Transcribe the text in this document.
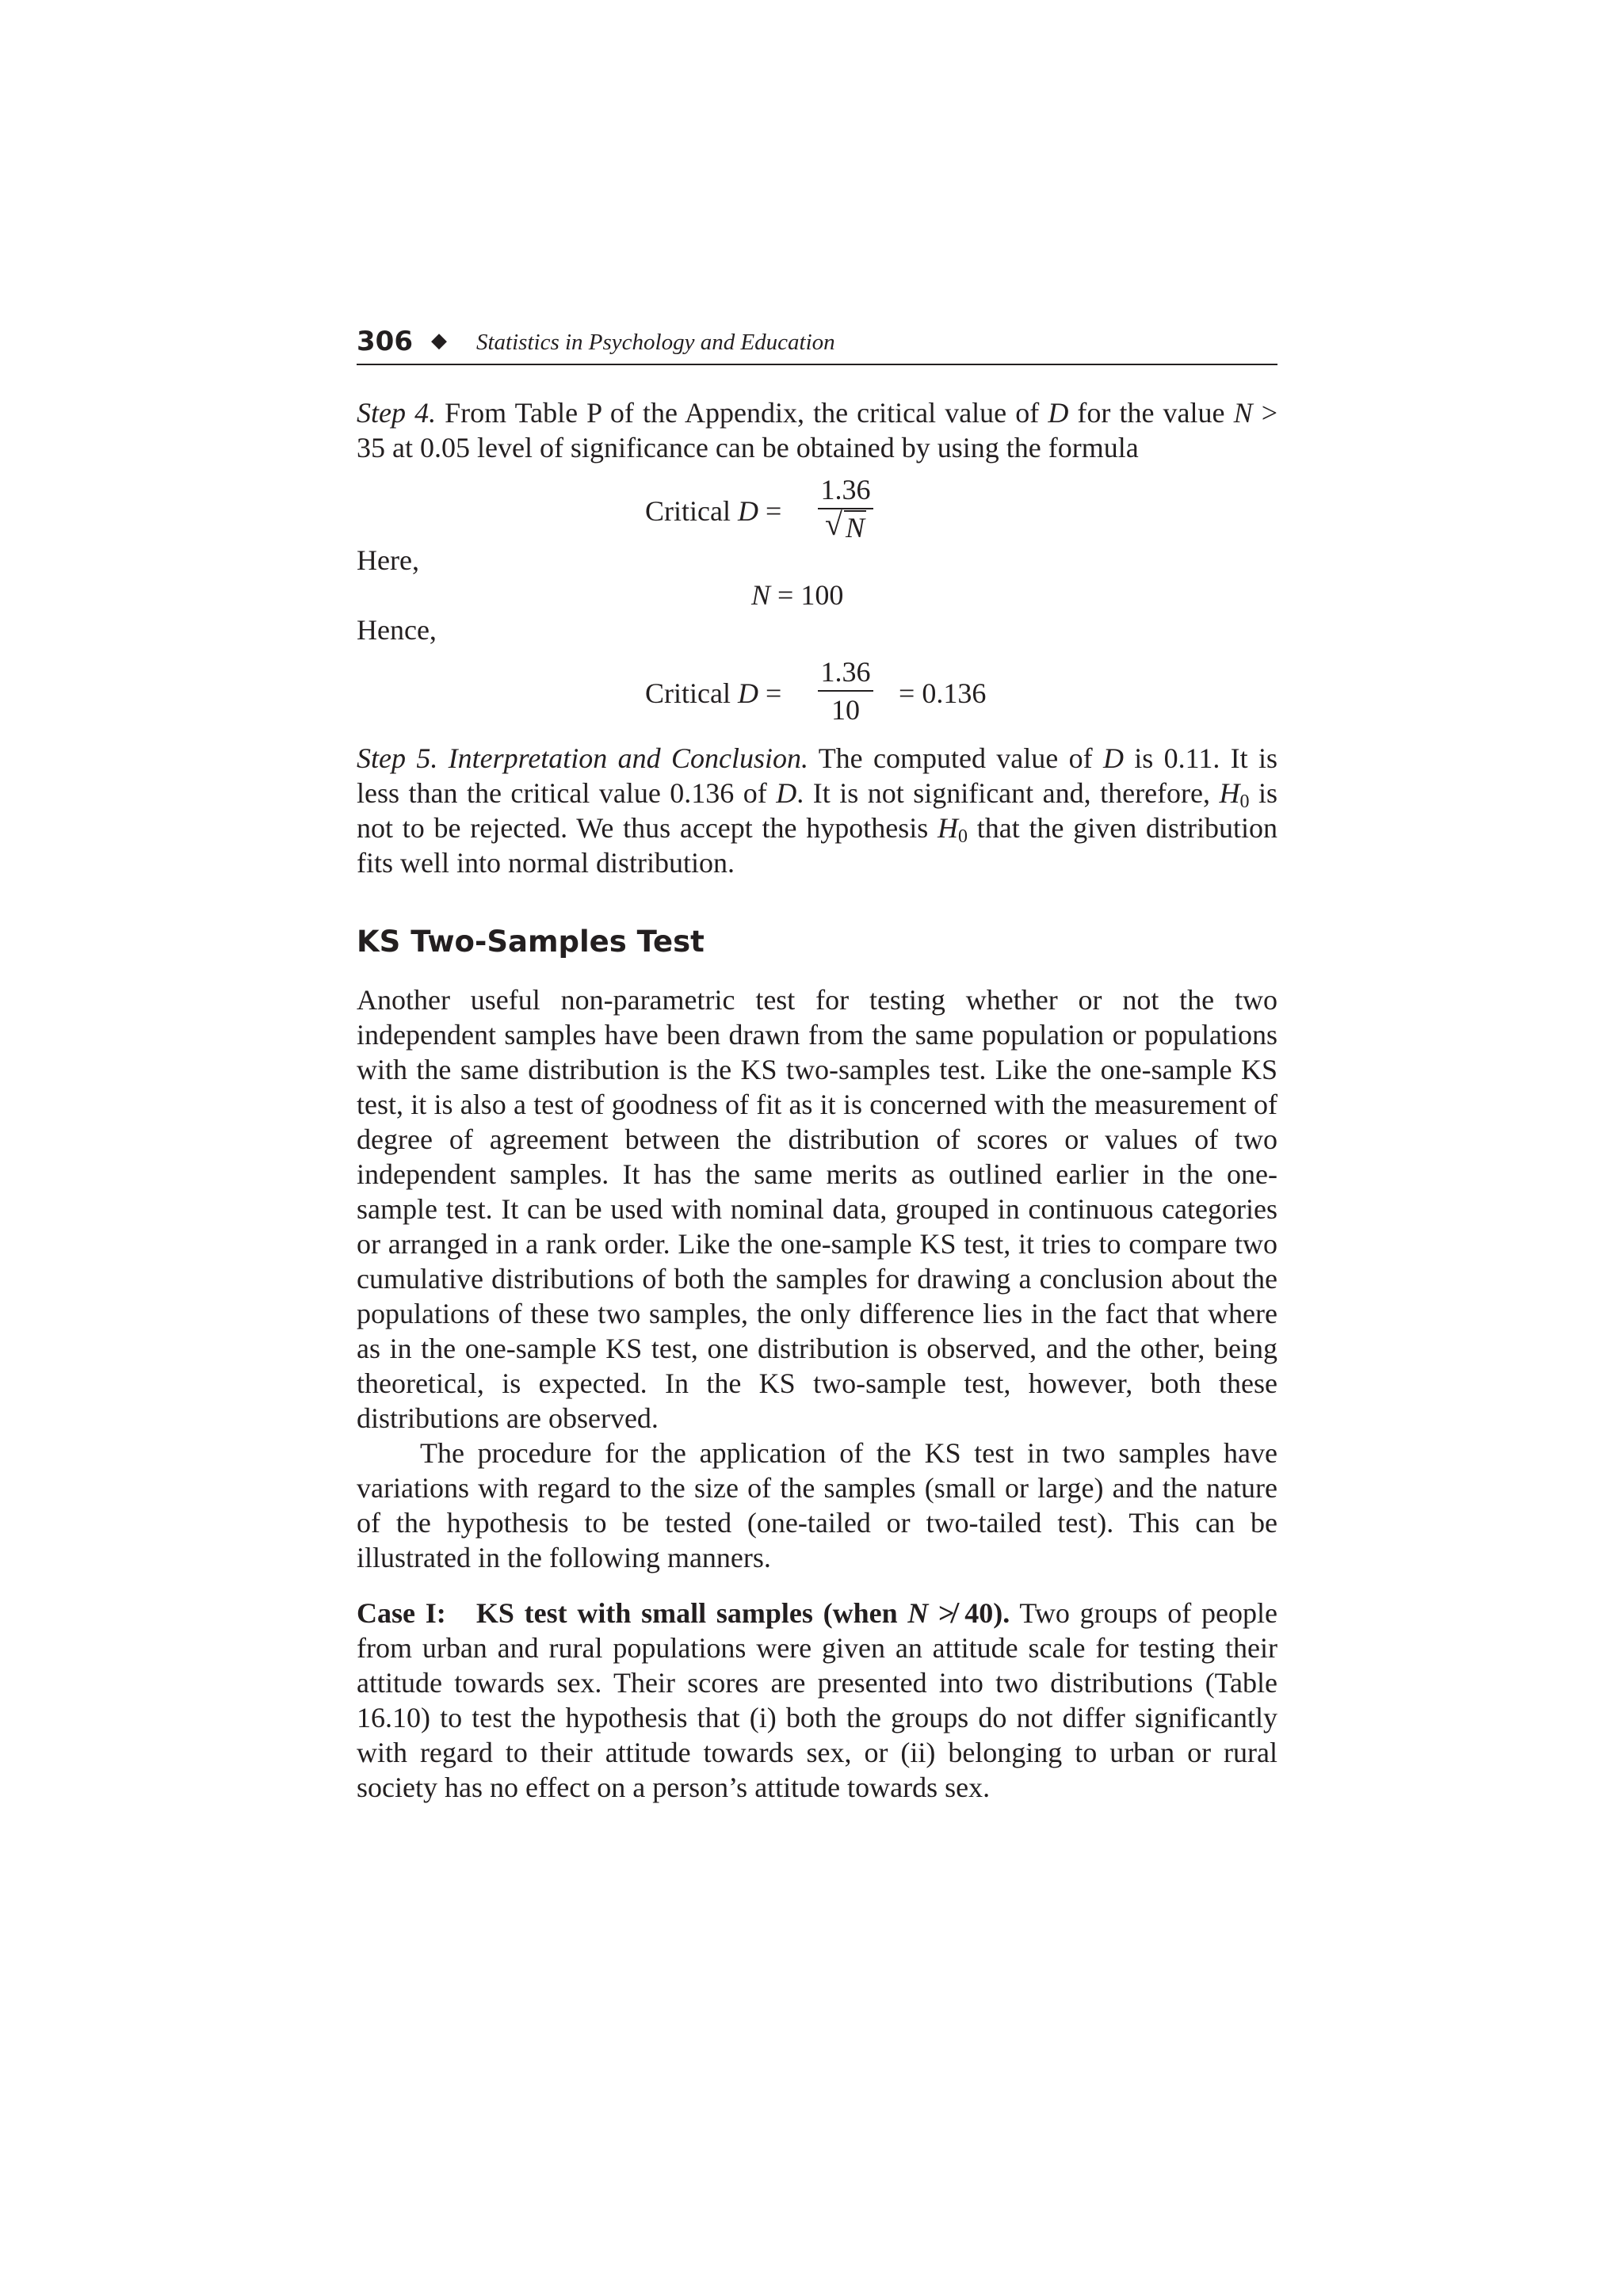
306 ◆ Statistics in Psychology and Education

Step 4. From Table P of the Appendix, the critical value of D for the value N > 35 at 0.05 level of significance can be obtained by using the formula

Critical D =
1.36
√ N
Here,
N = 100
Hence,
Critical D =
1.36
10
= 0.136

Step 5. Interpretation and Conclusion. The computed value of D is 0.11. It is less than the critical value 0.136 of D. It is not significant and, therefore, $H_0$ is not to be rejected. We thus accept the hypothesis $H_0$ that the given distribution fits well into normal distribution.

KS Two-Samples Test

Another useful non-parametric test for testing whether or not the two independent samples have been drawn from the same population or populations with the same distribution is the KS two-samples test. Like the one-sample KS test, it is also a test of goodness of fit as it is concerned with the measurement of degree of agreement between the distribution of scores or values of two independent samples. It has the same merits as outlined earlier in the one-sample test. It can be used with nominal data, grouped in continuous categories or arranged in a rank order. Like the one-sample KS test, it tries to compare two cumulative distributions of both the samples for drawing a conclusion about the populations of these two samples, the only difference lies in the fact that where as in the one-sample KS test, one distribution is observed, and the other, being theoretical, is expected. In the KS two-sample test, however, both these distributions are observed.

The procedure for the application of the KS test in two samples have variations with regard to the size of the samples (small or large) and the nature of the hypothesis to be tested (one-tailed or two-tailed test). This can be illustrated in the following manners.

Case I: KS test with small samples (when N ≯ 40). Two groups of people from urban and rural populations were given an attitude scale for testing their attitude towards sex. Their scores are presented into two distributions (Table 16.10) to test the hypothesis that (i) both the groups do not differ significantly with regard to their attitude towards sex, or (ii) belonging to urban or rural society has no effect on a person’s attitude towards sex.
